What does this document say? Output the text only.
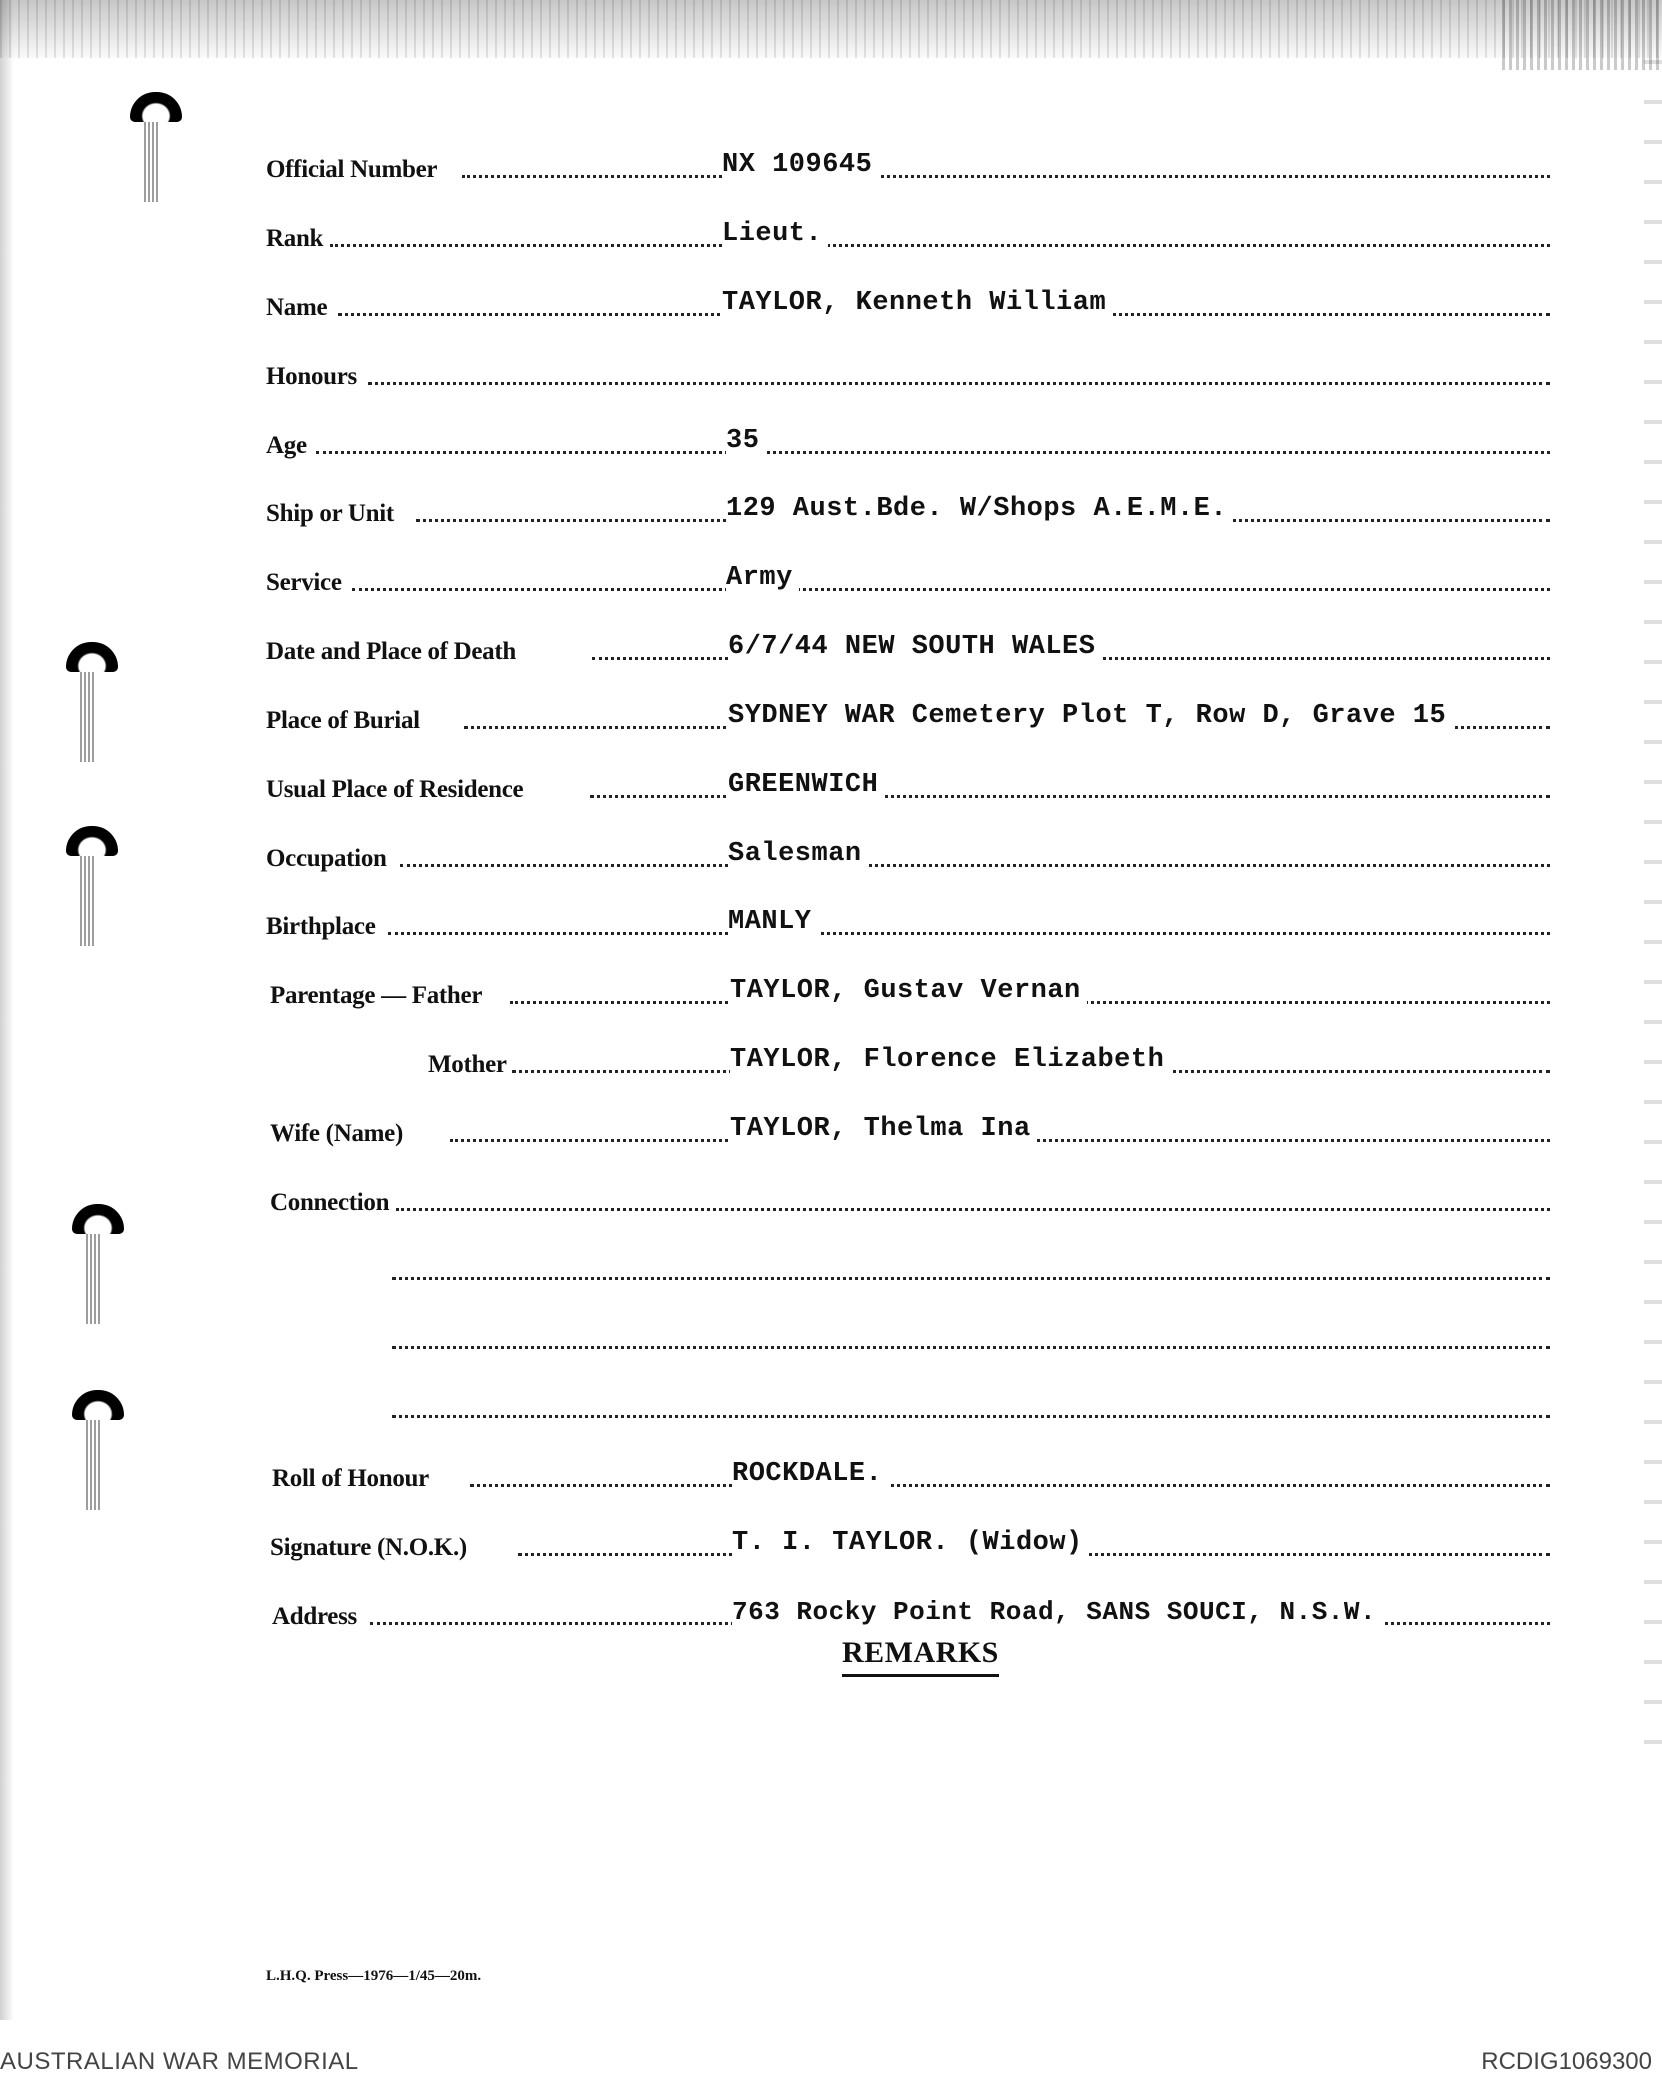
Official Number	NX 109645
Rank	Lieut.
Name	TAYLOR, Kenneth William
Honours
Age	35
Ship or Unit	129 Aust.Bde. W/Shops A.E.M.E.
Service	Army
Date and Place of Death	6/7/44 NEW SOUTH WALES
Place of Burial	SYDNEY WAR Cemetery Plot T, Row D, Grave 15
Usual Place of Residence	GREENWICH
Occupation	Salesman
Birthplace	MANLY
Parentage — Father	TAYLOR, Gustav Vernan
Mother	TAYLOR, Florence Elizabeth
Wife (Name)	TAYLOR, Thelma Ina
Connection
Roll of Honour	ROCKDALE.
Signature (N.O.K.)	T. I. TAYLOR. (Widow)
Address	763 Rocky Point Road, SANS SOUCI, N.S.W.
REMARKS
L.H.Q. Press—1976—1/45—20m.
AUSTRALIAN WAR MEMORIAL	RCDIG1069300
